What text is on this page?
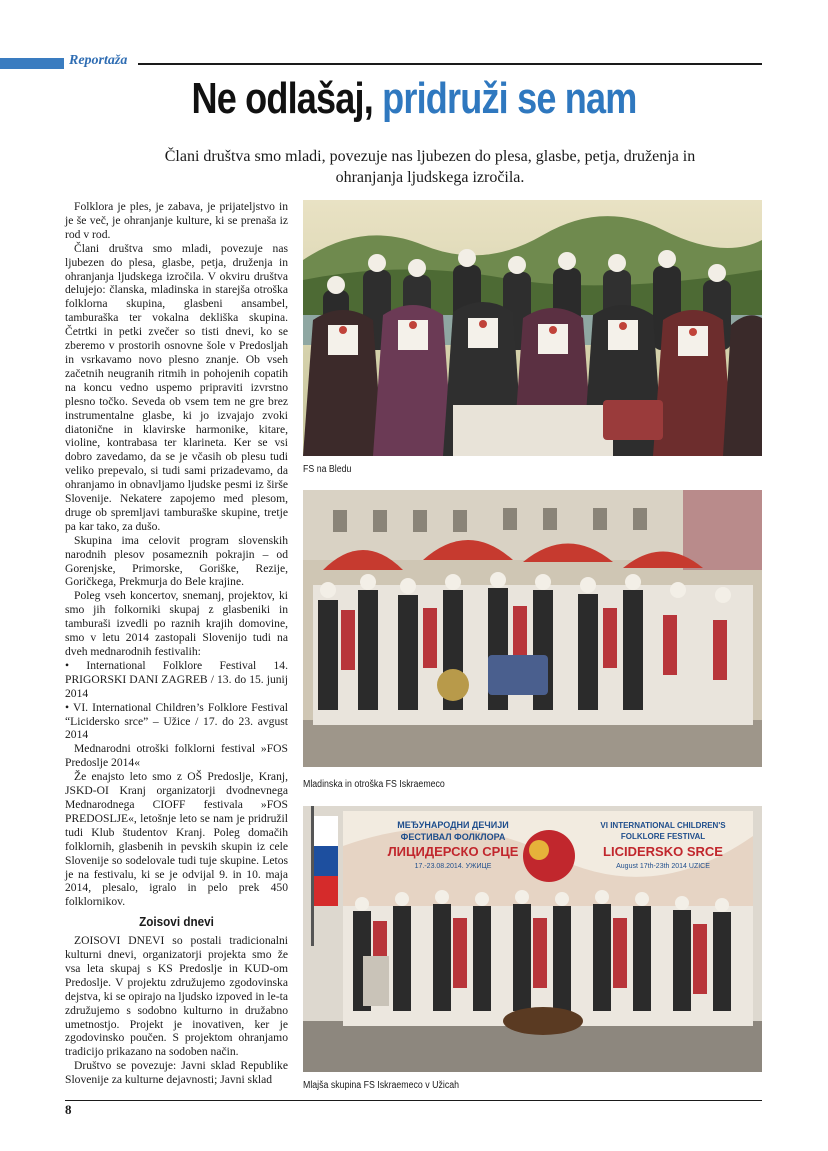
Reportaža
Ne odlašaj, pridruži se nam
Člani društva smo mladi, povezuje nas ljubezen do plesa, glasbe, petja, druženja in ohranjanja ljudskega izročila.

Folklora je ples, je zabava, je prijateljstvo in je še več, je ohranjanje kulture, ki se prenaša iz rod v rod.

Člani društva smo mladi, povezuje nas ljubezen do plesa, glasbe, petja, druženja in ohranjanja ljudskega izročila. V okviru društva delujejo: članska, mladinska in starejša otroška folklorna skupina, glasbeni ansambel, tamburaška ter vokalna dekliška skupina. Četrtki in petki zvečer so tisti dnevi, ko se zberemo v prostorih osnovne šole v Predosljah in vsrkavamo novo plesno znanje. Ob vseh začetnih neugranih ritmih in pohojenih copatih na koncu vedno uspemo pripraviti izvrstno plesno točko. Seveda ob vsem tem ne gre brez instrumentalne glasbe, ki jo izvajajo zvoki diatonične in klavirske harmonike, kitare, violine, kontrabasa ter klarineta. Ker se vsi dobro zavedamo, da se je včasih ob plesu tudi veliko prepevalo, si tudi sami prizadevamo, da ohranjamo in obnavljamo ljudske pesmi iz širše Slovenije. Nekatere zapojemo med plesom, druge ob spremljavi tamburaške skupine, tretje pa kar tako, za dušo.

Skupina ima celovit program slovenskih narodnih plesov posameznih pokrajin – od Gorenjske, Primorske, Goriške, Rezije, Goričkega, Prekmurja do Bele krajine.

Poleg vseh koncertov, snemanj, projektov, ki smo jih folkorniki skupaj z glasbeniki in tamburaši izvedli po raznih krajih domovine, smo v letu 2014 zastopali Slovenijo tudi na dveh mednarodnih festivalih:

• International Folklore Festival 14. PRIGORSKI DANI ZAGREB / 13. do 15. junij 2014

• VI. International Children’s Folklore Festival “Licidersko srce” – Užice / 17. do 23. avgust 2014

Mednarodni otroški folklorni festival »FOS Predoslje 2014«

Že enajsto leto smo z OŠ Predoslje, Kranj, JSKD-OI Kranj organizatorji dvodnevnega Mednarodnega CIOFF festivala »FOS PREDOSLJE«, letošnje leto se nam je pridružil tudi Klub študentov Kranj. Poleg domačih folklornih, glasbenih in pevskih skupin iz cele Slovenije so sodelovale tudi tuje skupine. Letos je na festivalu, ki se je odvijal 9. in 10. maja 2014, plesalo, igralo in pelo prek 450 folklornikov.

Zoisovi dnevi

ZOISOVI DNEVI so postali tradicionalni kulturni dnevi, organizatorji projekta smo že vsa leta skupaj s KS Predoslje in KUD-om Predoslje. V projektu združujemo zgodovinska dejstva, ki se opirajo na ljudsko izpoved in le-ta združujemo s sodobno kulturno in družabno umetnostjo. Projekt je inovativen, ker je zgodovinsko poučen. S projektom ohranjamo tradicijo prikazano na sodoben način.

Društvo se povezuje: Javni sklad Republike Slovenije za kulturne dejavnosti; Javni sklad

FS na Bledu
Mladinska in otroška FS Iskraemeco
МЕЂУНАРОДНИ ДЕЧИЈИ
ФЕСТИВАЛ ФОЛКЛОРА
ЛИЦИДЕРСКО СРЦЕ
17.-23.08.2014. УЖИЦЕ
VI INTERNATIONAL CHILDREN'S
FOLKLORE FESTIVAL
LICIDERSKO SRCE
August 17th-23th 2014 UZICE
Mlajša skupina FS Iskraemeco v Užicah
8
